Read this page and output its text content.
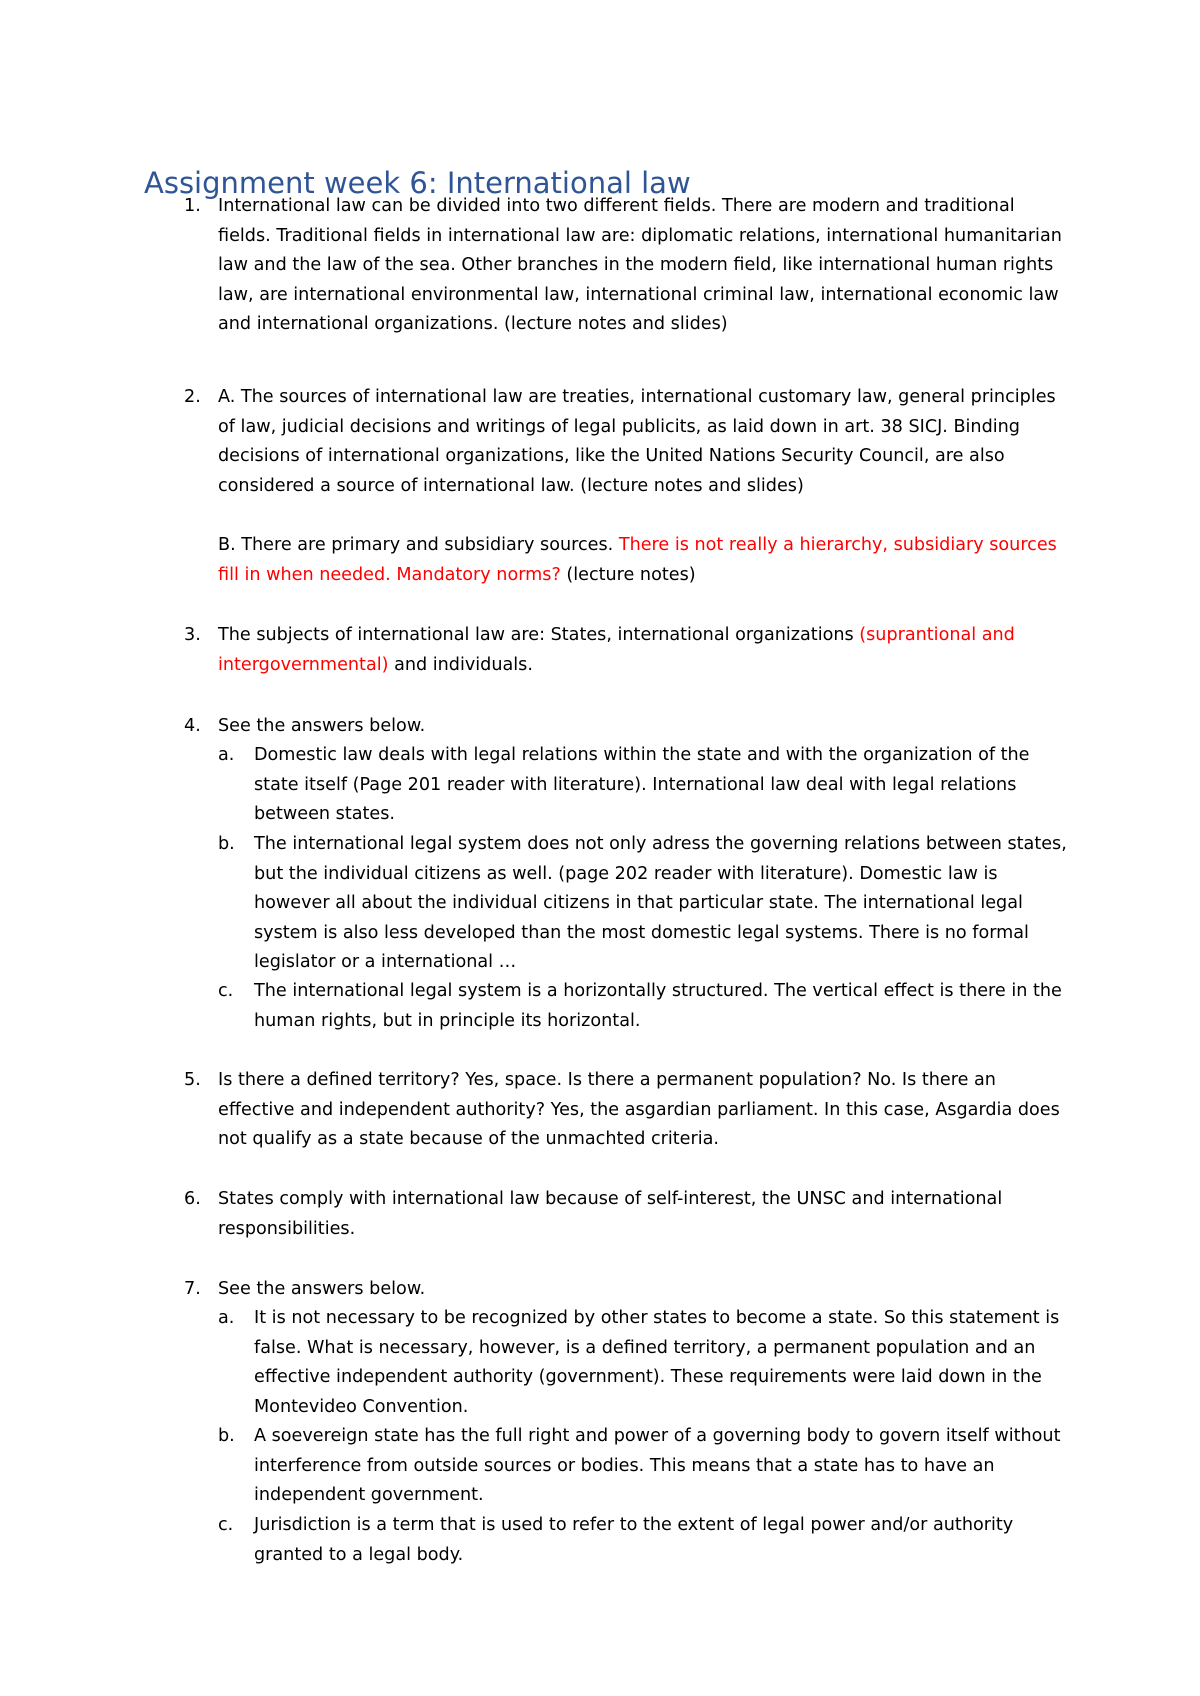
Assignment week 6: International law
1. International law can be divided into two different fields. There are modern and traditional fields. Traditional fields in international law are: diplomatic relations, international humanitarian law and the law of the sea. Other branches in the modern field, like international human rights law, are international environmental law, international criminal law, international economic law and international organizations. (lecture notes and slides)

2. A. The sources of international law are treaties, international customary law, general principles of law, judicial decisions and writings of legal publicits, as laid down in art. 38 SICJ. Binding decisions of international organizations, like the United Nations Security Council, are also considered a source of international law. (lecture notes and slides)

B. There are primary and subsidiary sources. There is not really a hierarchy, subsidiary sources fill in when needed. Mandatory norms? (lecture notes)

3. The subjects of international law are: States, international organizations (suprantional and intergovernmental) and individuals.

4. See the answers below.

a.	Domestic law deals with legal relations within the state and with the organization of the state itself (Page 201 reader with literature). International law deal with legal relations between states.

b.	The international legal system does not only adress the governing relations between states, but the individual citizens as well. (page 202 reader with literature). Domestic law is however all about the individual citizens in that particular state. The international legal system is also less developed than the most domestic legal systems. There is no formal legislator or a international …

c.	The international legal system is a horizontally structured. The vertical effect is there in the human rights, but in principle its horizontal.

5. Is there a defined territory? Yes, space. Is there a permanent population? No. Is there an effective and independent authority? Yes, the asgardian parliament. In this case, Asgardia does not qualify as a state because of the unmachted criteria.

6. States comply with international law because of self-interest, the UNSC and international responsibilities.

7. See the answers below.

a.	It is not necessary to be recognized by other states to become a state. So this statement is false. What is necessary, however, is a defined territory, a permanent population and an effective independent authority (government). These requirements were laid down in the Montevideo Convention.

b.	A soevereign state has the full right and power of a governing body to govern itself without interference from outside sources or bodies. This means that a state has to have an independent government.

c.	Jurisdiction is a term that is used to refer to the extent of legal power and/or authority granted to a legal body.
